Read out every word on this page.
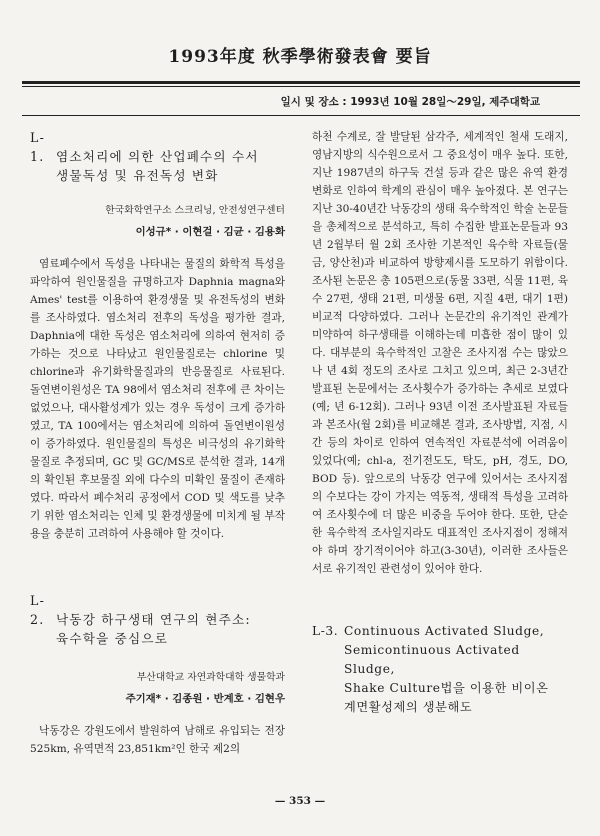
1993年度 秋季學術發表會 要旨
일시 및 장소 : 1993년 10월 28일～29일, 제주대학교
L-1. 염소처리에 의한 산업폐수의 수서
생물독성 및 유전독성 변화
한국화학연구소 스크리닝, 안전성연구센터
이성규* · 이현걸 · 김균 · 김용화

염료폐수에서 독성을 나타내는 물질의 화학적 특성을 파악하여 원인물질을 규명하고자 Daphnia magna와 Ames' test를 이용하여 환경생물 및 유전독성의 변화를 조사하였다. 염소처리 전후의 독성을 평가한 결과, Daphnia에 대한 독성은 염소처리에 의하여 현저히 증가하는 것으로 나타났고 원인물질로는 chlorine 및 chlorine과 유기화학물질과의 반응물질로 사료된다. 돌연변이원성은 TA 98에서 염소처리 전후에 큰 차이는 없었으나, 대사활성계가 있는 경우 독성이 크게 증가하였고, TA 100에서는 염소처리에 의하여 돌연변이원성이 증가하였다. 원인물질의 특성은 비극성의 유기화학물질로 추정되며, GC 및 GC/MS로 분석한 결과, 14개의 확인된 후보물질 외에 다수의 미확인 물질이 존재하였다. 따라서 폐수처리 공정에서 COD 및 색도를 낮추기 위한 염소처리는 인체 및 환경생물에 미치게 될 부작용을 충분히 고려하여 사용해야 할 것이다.

L-2. 낙동강 하구생태 연구의 현주소:
육수학을 중심으로
부산대학교 자연과학대학 생물학과
주기재* · 김종원 · 반계호 · 김현우

낙동강은 강원도에서 발원하여 남해로 유입되는 전장 525km, 유역면적 23,851km²인 한국 제2의

하천 수계로, 잘 발달된 삼각주, 세계적인 철새 도래지, 영남지방의 식수원으로서 그 중요성이 매우 높다. 또한, 지난 1987년의 하구둑 건설 등과 같은 많은 유역 환경변화로 인하여 학계의 관심이 매우 높아졌다. 본 연구는 지난 30-40년간 낙동강의 생태 육수학적인 학술 논문들을 총체적으로 분석하고, 특히 수집한 발표논문들과 93년 2월부터 월 2회 조사한 기본적인 육수학 자료들(물금, 양산천)과 비교하여 방향제시를 도모하기 위함이다. 조사된 논문은 총 105편으로(동물 33편, 식물 11편, 육수 27편, 생태 21편, 미생물 6편, 지질 4편, 대기 1편) 비교적 다양하였다. 그러나 논문간의 유기적인 관계가 미약하여 하구생태를 이해하는데 미흡한 점이 많이 있다. 대부분의 육수학적인 고찰은 조사지점 수는 많았으나 년 4회 정도의 조사로 그치고 있으며, 최근 2-3년간 발표된 논문에서는 조사횟수가 증가하는 추세로 보였다(예; 년 6-12회). 그러나 93년 이전 조사발표된 자료들과 본조사(월 2회)를 비교해본 결과, 조사방법, 지점, 시간 등의 차이로 인하여 연속적인 자료분석에 어려움이 있었다(예; chl-a, 전기전도도, 탁도, pH, 경도, DO, BOD 등). 앞으로의 낙동강 연구에 있어서는 조사지점의 수보다는 강이 가지는 역동적, 생태적 특성을 고려하여 조사횟수에 더 많은 비중을 두어야 한다. 또한, 단순한 육수학적 조사일지라도 대표적인 조사지점이 정해져야 하며 장기적이어야 하고(3-30년), 이러한 조사들은 서로 유기적인 관련성이 있어야 한다.

L-3. Continuous Activated Sludge,
Semicontinuous Activated Sludge,
Shake Culture법을 이용한 비이온
계면활성제의 생분해도
— 353 —
